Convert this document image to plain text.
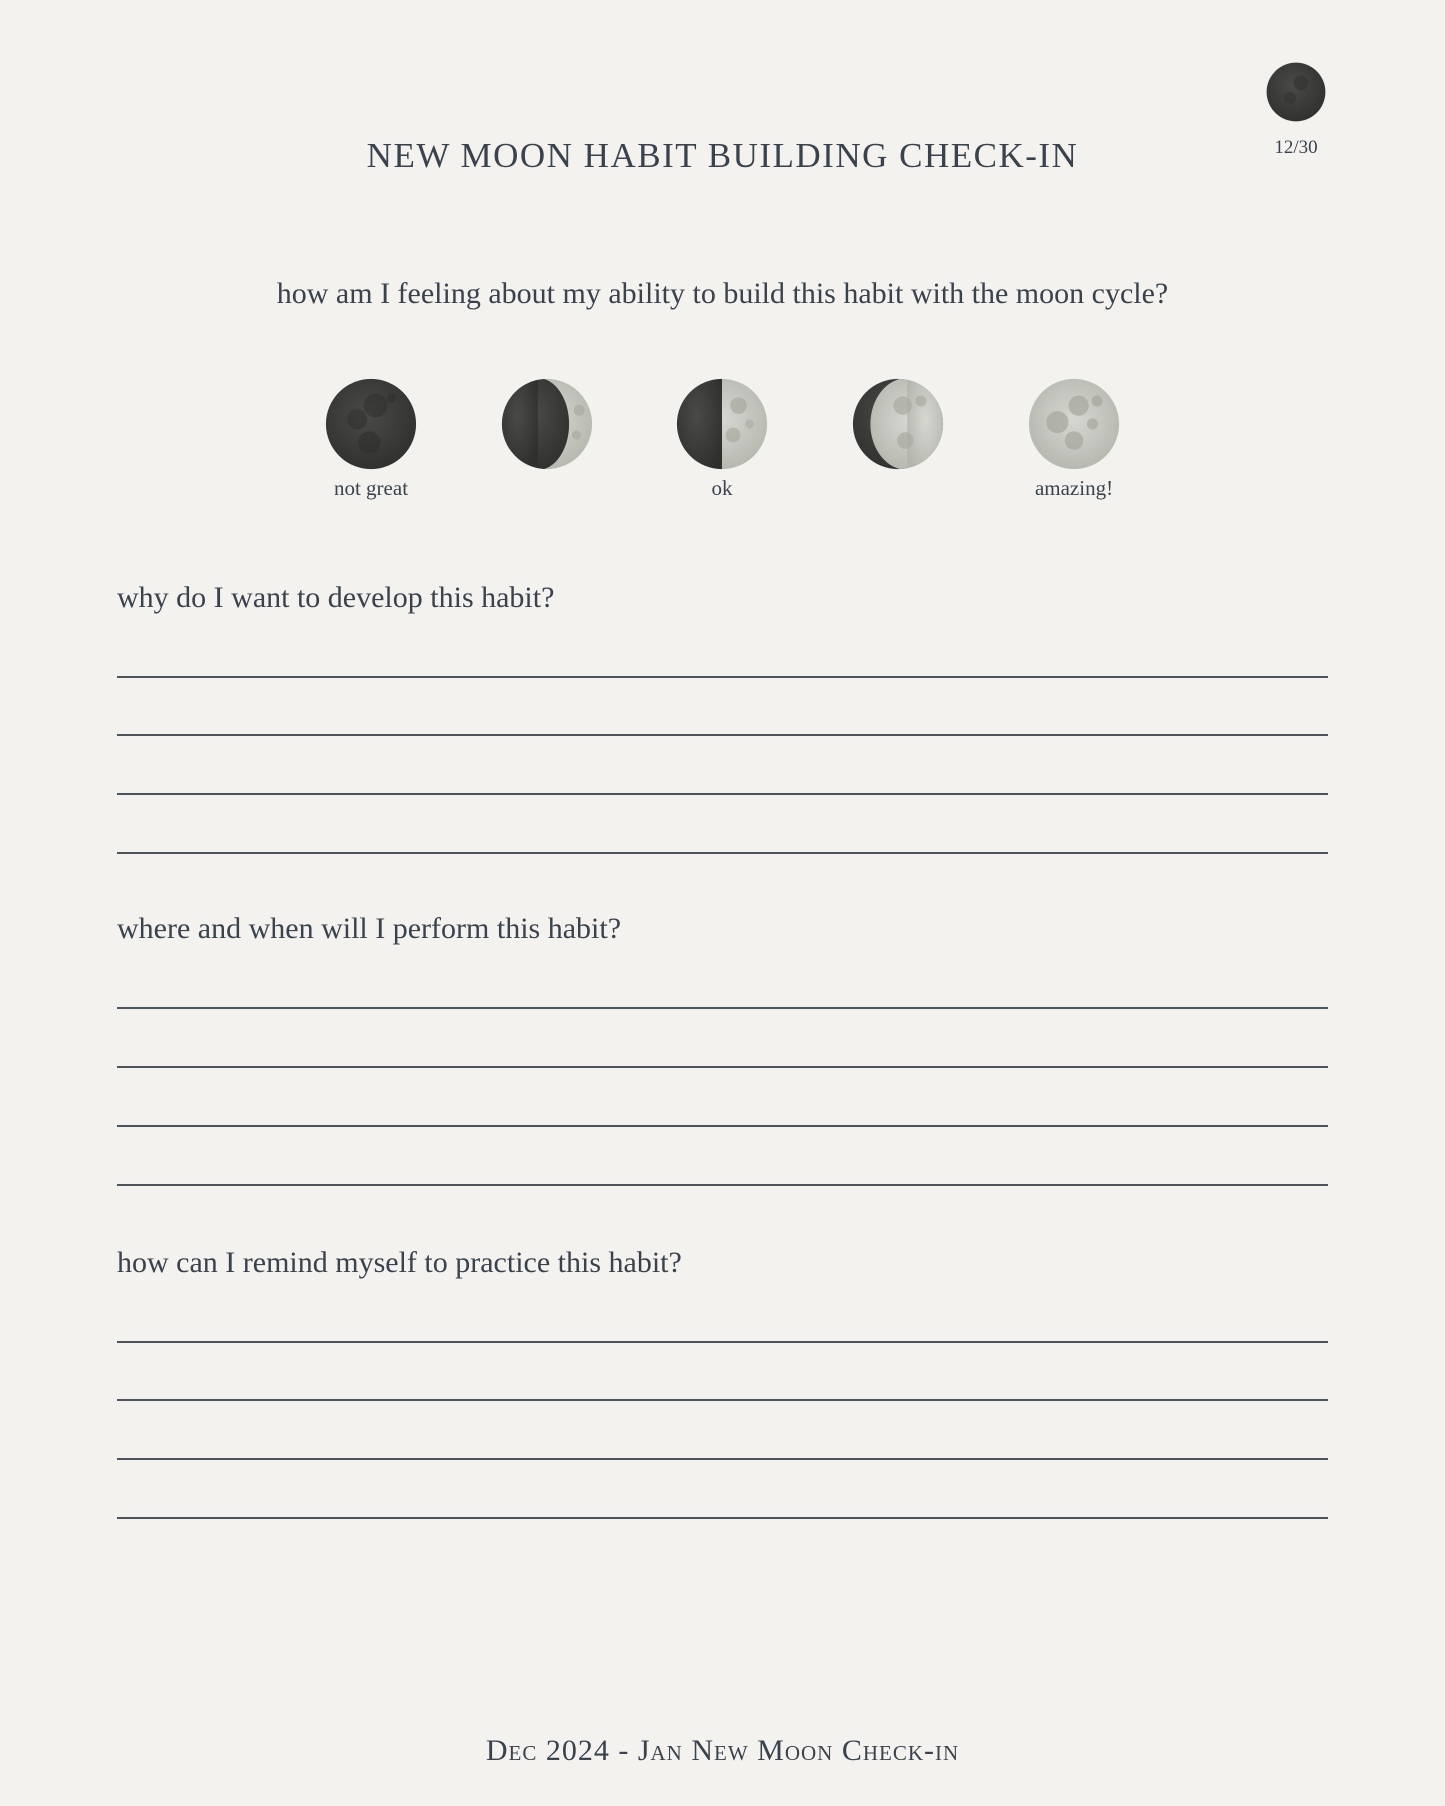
12/30
NEW MOON HABIT BUILDING CHECK-IN
how am I feeling about my ability to build this habit with the moon cycle?
not great	ok	amazing!
why do I want to develop this habit?
where and when will I perform this habit?
how can I remind myself to practice this habit?
Dec 2024 - Jan New Moon Check-in
